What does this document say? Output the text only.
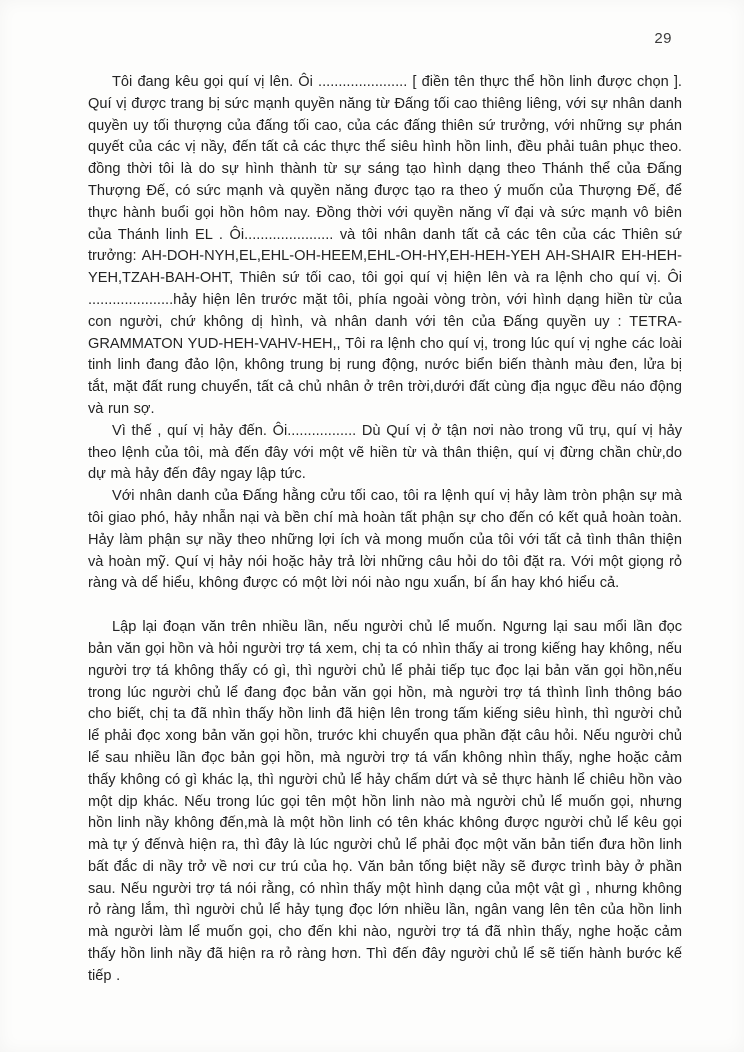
29

Tôi đang kêu gọi quí vị lên. Ôi ...................... [ điền tên thực thể hồn linh được chọn ]. Quí vị được trang bị sức mạnh quyền năng từ Đấng tối cao thiêng liêng, với sự nhân danh quyền uy tối thượng của đấng tối cao, của các đấng thiên sứ trưởng, với những sự phán quyết của các vị nầy, đến tất cả các thực thể siêu hình hồn linh, đều phải tuân phục theo. đồng thời tôi là do sự hình thành từ sự sáng tạo hình dạng theo Thánh thể của Đấng Thượng Đế, có sức mạnh và quyền năng được tạo ra theo ý muốn của Thượng Đế, để thực hành buổi gọi hồn hôm nay. Đồng thời với quyền năng vĩ đại và sức mạnh vô biên của Thánh linh EL . Ôi...................... và tôi nhân danh tất cả các tên của các Thiên sứ trưởng: AH-DOH-NYH,EL,EHL-OH-HEEM,EHL-OH-HY,EH-HEH-YEH AH-SHAIR EH-HEH-YEH,TZAH-BAH-OHT, Thiên sứ tối cao, tôi gọi quí vị hiện lên và ra lệnh cho quí vị. Ôi .....................hảy hiện lên trước mặt tôi, phía ngoài vòng tròn, với hình dạng hiền từ của con người, chứ không dị hình, và nhân danh với tên của Đấng quyền uy : TETRA-GRAMMATON YUD-HEH-VAHV-HEH,, Tôi ra lệnh cho quí vị, trong lúc quí vị nghe các loài tinh linh đang đảo lộn, không trung bị rung động, nước biển biến thành màu đen, lửa bị tắt, mặt đất rung chuyển, tất cả chủ nhân ở trên trời,dưới đất cùng địa ngục đều náo động và run sợ.

Vì thế , quí vị hảy đến. Ôi................. Dù Quí vị ở tận nơi nào trong vũ trụ, quí vị hảy theo lệnh của tôi, mà đến đây với một vẽ hiền từ và thân thiện, quí vị đừng chần chừ,do dự mà hảy đến đây ngay lập tức.

Với nhân danh của Đấng hằng cửu tối cao, tôi ra lệnh quí vị hảy làm tròn phận sự mà tôi giao phó, hảy nhẫn nại và bền chí mà hoàn tất phận sự cho đến có kết quả hoàn toàn. Hảy làm phận sự nầy theo những lợi ích và mong muốn của tôi với tất cả tình thân thiện và hoàn mỹ. Quí vị hảy nói hoặc hảy trả lời những câu hỏi do tôi đặt ra. Với một giọng rỏ ràng và dể hiểu, không được có một lời nói nào ngu xuẩn, bí ẩn hay khó hiểu cả.

Lập lại đoạn văn trên nhiều lần, nếu người chủ lể muốn. Ngưng lại sau mổi lần đọc bản văn gọi hồn và hỏi người trợ tá xem, chị ta có nhìn thấy ai trong kiếng hay không, nếu người trợ tá không thấy có gì, thì người chủ lể phải tiếp tục đọc lại bản văn gọi hồn,nếu trong lúc người chủ lể đang đọc bản văn gọi hồn, mà người trợ tá thình lình thông báo cho biết, chị ta đã nhìn thấy hồn linh đã hiện lên trong tấm kiếng siêu hình, thì người chủ lể phải đọc xong bản văn gọi hồn, trước khi chuyển qua phần đặt câu hỏi. Nếu người chủ lể sau nhiều lần đọc bản gọi hồn, mà người trợ tá vẩn không nhìn thấy, nghe hoặc cảm thấy không có gì khác lạ, thì người chủ lể hảy chấm dứt và sẻ thực hành lể chiêu hồn vào một dịp khác. Nếu trong lúc gọi tên một hồn linh nào mà người chủ lể muốn gọi, nhưng hồn linh nầy không đến,mà là một hồn linh có tên khác không được người chủ lể kêu gọi mà tự ý đếnvà hiện ra, thì đây là lúc người chủ lể phải đọc một văn bản tiển đưa hồn linh bất đắc di nầy trở về nơi cư trú của họ. Văn bản tống biệt nầy sẽ được trình bày ở phần sau. Nếu người trợ tá nói rằng, có nhìn thấy một hình dạng của một vật gì , nhưng không rỏ ràng lắm, thì người chủ lể hảy tụng đọc lớn nhiều lần, ngân vang lên tên của hồn linh mà người làm lể muốn gọi, cho đến khi nào, người trợ tá đã nhìn thấy, nghe hoặc cảm thấy hồn linh nầy đã hiện ra rỏ ràng hơn. Thì đến đây người chủ lể sẽ tiến hành bước kế tiếp .
